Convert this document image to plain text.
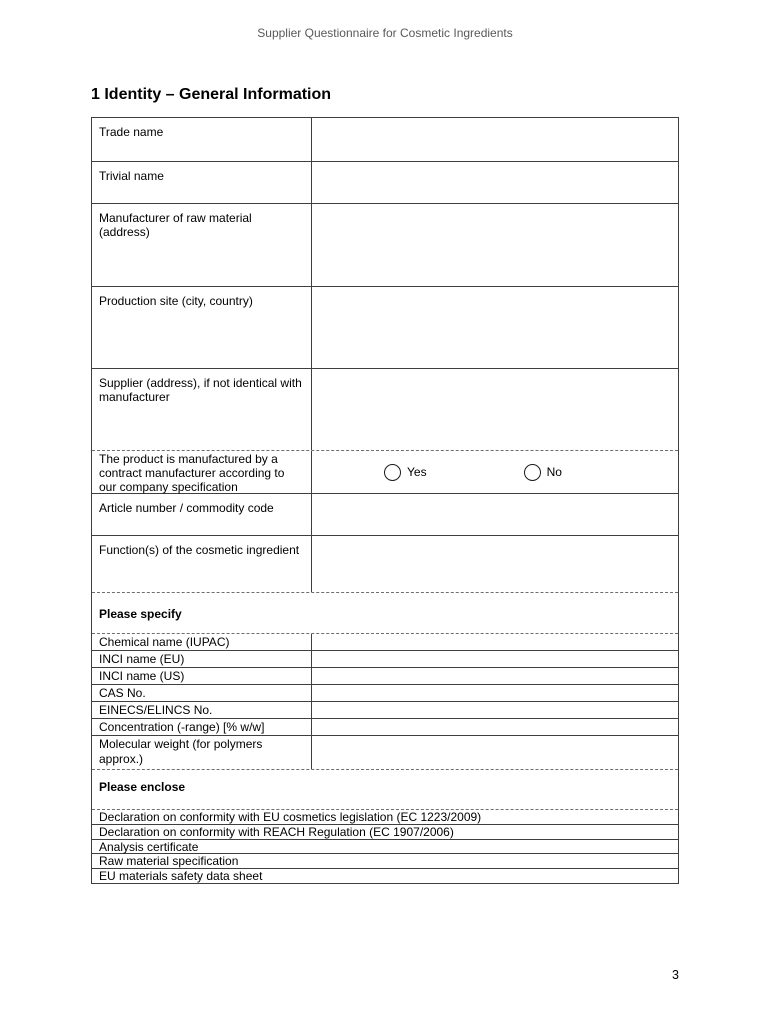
Supplier Questionnaire for Cosmetic Ingredients
1 Identity – General Information
Trade name
Trivial name
Manufacturer of raw material (address)
Production site (city, country)
Supplier (address), if not identical with manufacturer
The product is manufactured by a contract manufacturer according to our company specification
Yes	No
Article number / commodity code
Function(s) of the cosmetic ingredient
Please specify
Chemical name (IUPAC)
INCI name (EU)
INCI name (US)
CAS No.
EINECS/ELINCS No.
Concentration (-range) [% w/w]
Molecular weight (for polymers approx.)
Please enclose
Declaration on conformity with EU cosmetics legislation (EC 1223/2009)
Declaration on conformity with REACH Regulation (EC 1907/2006)
Analysis certificate
Raw material specification
EU materials safety data sheet
3
